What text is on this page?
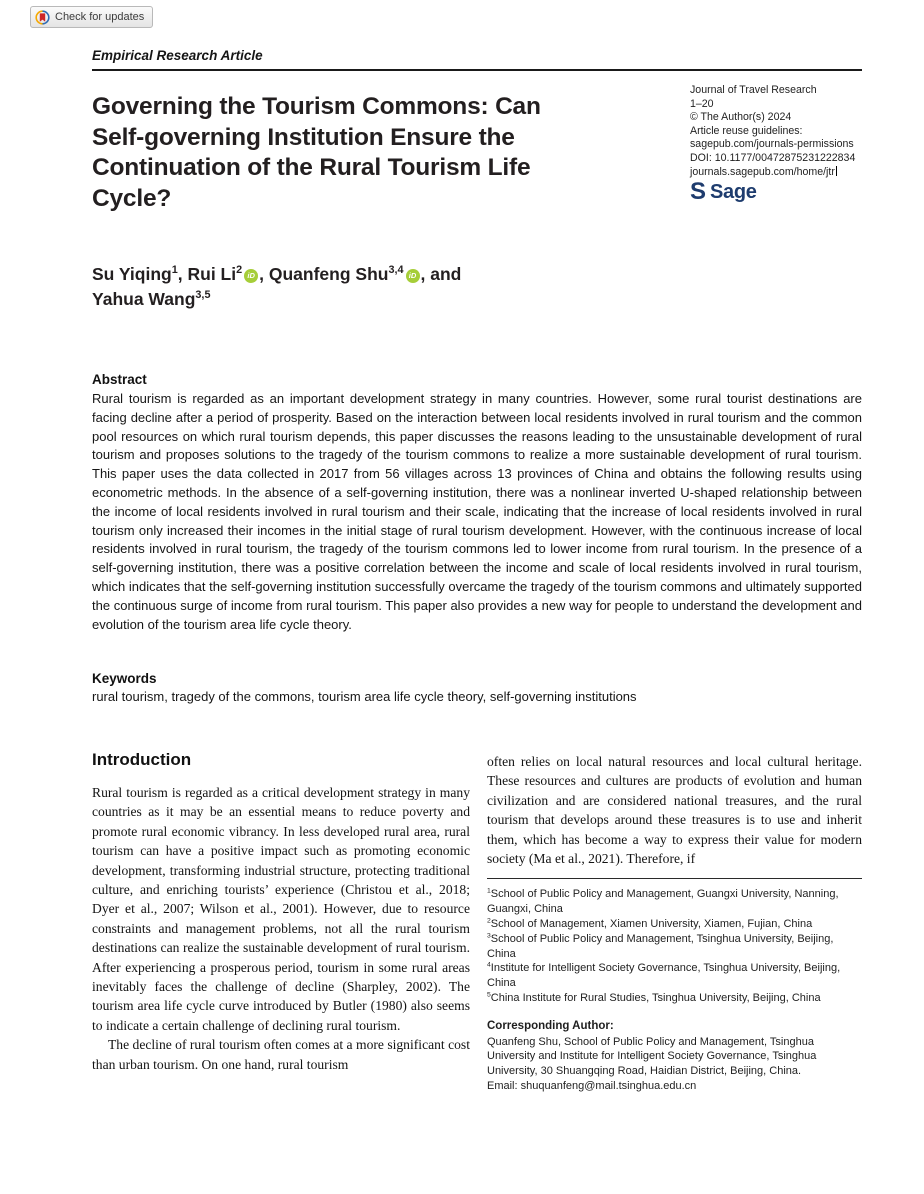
Check for updates
Empirical Research Article
Governing the Tourism Commons: Can
Self-governing Institution Ensure the
Continuation of the Rural Tourism Life
Cycle?
Journal of Travel Research
1–20
© The Author(s) 2024
Article reuse guidelines:
sagepub.com/journals-permissions
DOI: 10.1177/00472875231222834
journals.sagepub.com/home/jtr
S Sage
Su Yiqing$^1$, Rui Li$^2$ iD , Quanfeng Shu$^{3,4}$ iD , and
Yahua Wang$^{3,5}$
Abstract
Rural tourism is regarded as an important development strategy in many countries. However, some rural tourist destinations are facing decline after a period of prosperity. Based on the interaction between local residents involved in rural tourism and the common pool resources on which rural tourism depends, this paper discusses the reasons leading to the unsustainable development of rural tourism and proposes solutions to the tragedy of the tourism commons to realize a more sustainable development of rural tourism. This paper uses the data collected in 2017 from 56 villages across 13 provinces of China and obtains the following results using econometric methods. In the absence of a self-governing institution, there was a nonlinear inverted U-shaped relationship between the income of local residents involved in rural tourism and their scale, indicating that the increase of local residents involved in rural tourism only increased their incomes in the initial stage of rural tourism development. However, with the continuous increase of local residents involved in rural tourism, the tragedy of the tourism commons led to lower income from rural tourism. In the presence of a self-governing institution, there was a positive correlation between the income and scale of local residents involved in rural tourism, which indicates that the self-governing institution successfully overcame the tragedy of the tourism commons and ultimately supported the continuous surge of income from rural tourism. This paper also provides a new way for people to understand the development and evolution of the tourism area life cycle theory.
Keywords
rural tourism, tragedy of the commons, tourism area life cycle theory, self-governing institutions
Introduction

Rural tourism is regarded as a critical development strategy in many countries as it may be an essential means to reduce poverty and promote rural economic vibrancy. In less developed rural area, rural tourism can have a positive impact such as promoting economic development, transforming industrial structure, protecting traditional culture, and enriching tourists’ experience (Christou et al., 2018; Dyer et al., 2007; Wilson et al., 2001). However, due to resource constraints and management problems, not all the rural tourism destinations can realize the sustainable development of rural tourism. After experiencing a prosperous period, tourism in some rural areas inevitably faces the challenge of decline (Sharpley, 2002). The tourism area life cycle curve introduced by Butler (1980) also seems to indicate a certain challenge of declining rural tourism.

The decline of rural tourism often comes at a more significant cost than urban tourism. On one hand, rural tourism

often relies on local natural resources and local cultural heritage. These resources and cultures are products of evolution and human civilization and are considered national treasures, and the rural tourism that develops around these treasures is to use and inherit them, which has become a way to express their value for modern society (Ma et al., 2021). Therefore, if

$^1$School of Public Policy and Management, Guangxi University, Nanning, Guangxi, China
$^2$School of Management, Xiamen University, Xiamen, Fujian, China
$^3$School of Public Policy and Management, Tsinghua University, Beijing, China
$^4$Institute for Intelligent Society Governance, Tsinghua University, Beijing, China
$^5$China Institute for Rural Studies, Tsinghua University, Beijing, China
Corresponding Author:
Quanfeng Shu, School of Public Policy and Management, Tsinghua University and Institute for Intelligent Society Governance, Tsinghua University, 30 Shuangqing Road, Haidian District, Beijing, China.
Email: shuquanfeng@mail.tsinghua.edu.cn
